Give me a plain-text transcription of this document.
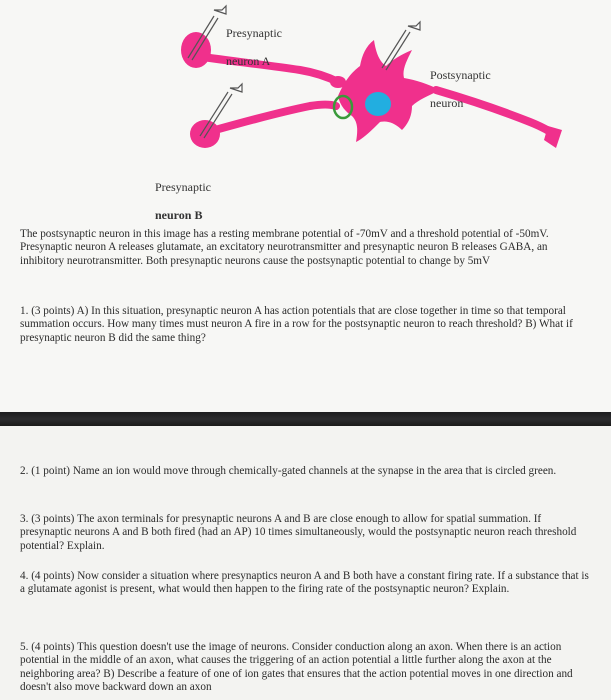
Presynaptic

neuron A

Postsynaptic

neuron

Presynaptic

neuron B

The postsynaptic neuron in this image has a resting membrane potential of -70mV and a threshold potential of -50mV. Presynaptic neuron A releases glutamate, an excitatory neurotransmitter and presynaptic neuron B releases GABA, an inhibitory neurotransmitter. Both presynaptic neurons cause the postsynaptic potential to change by 5mV
1. (3 points) A) In this situation, presynaptic neuron A has action potentials that are close together in time so that temporal summation occurs. How many times must neuron A fire in a row for the postsynaptic neuron to reach threshold? B) What if presynaptic neuron B did the same thing?
2. (1 point) Name an ion would move through chemically-gated channels at the synapse in the area that is circled green.
3. (3 points) The axon terminals for presynaptic neurons A and B are close enough to allow for spatial summation. If presynaptic neurons A and B both fired (had an AP) 10 times simultaneously, would the postsynaptic neuron reach threshold potential? Explain.
4. (4 points) Now consider a situation where presynaptics neuron A and B both have a constant firing rate. If a substance that is a glutamate agonist is present, what would then happen to the firing rate of the postsynaptic neuron? Explain.
5. (4 points) This question doesn't use the image of neurons. Consider conduction along an axon. When there is an action potential in the middle of an axon, what causes the triggering of an action potential a little further along the axon at the neighboring area? B) Describe a feature of one of ion gates that ensures that the action potential moves in one direction and doesn't also move backward down an axon
